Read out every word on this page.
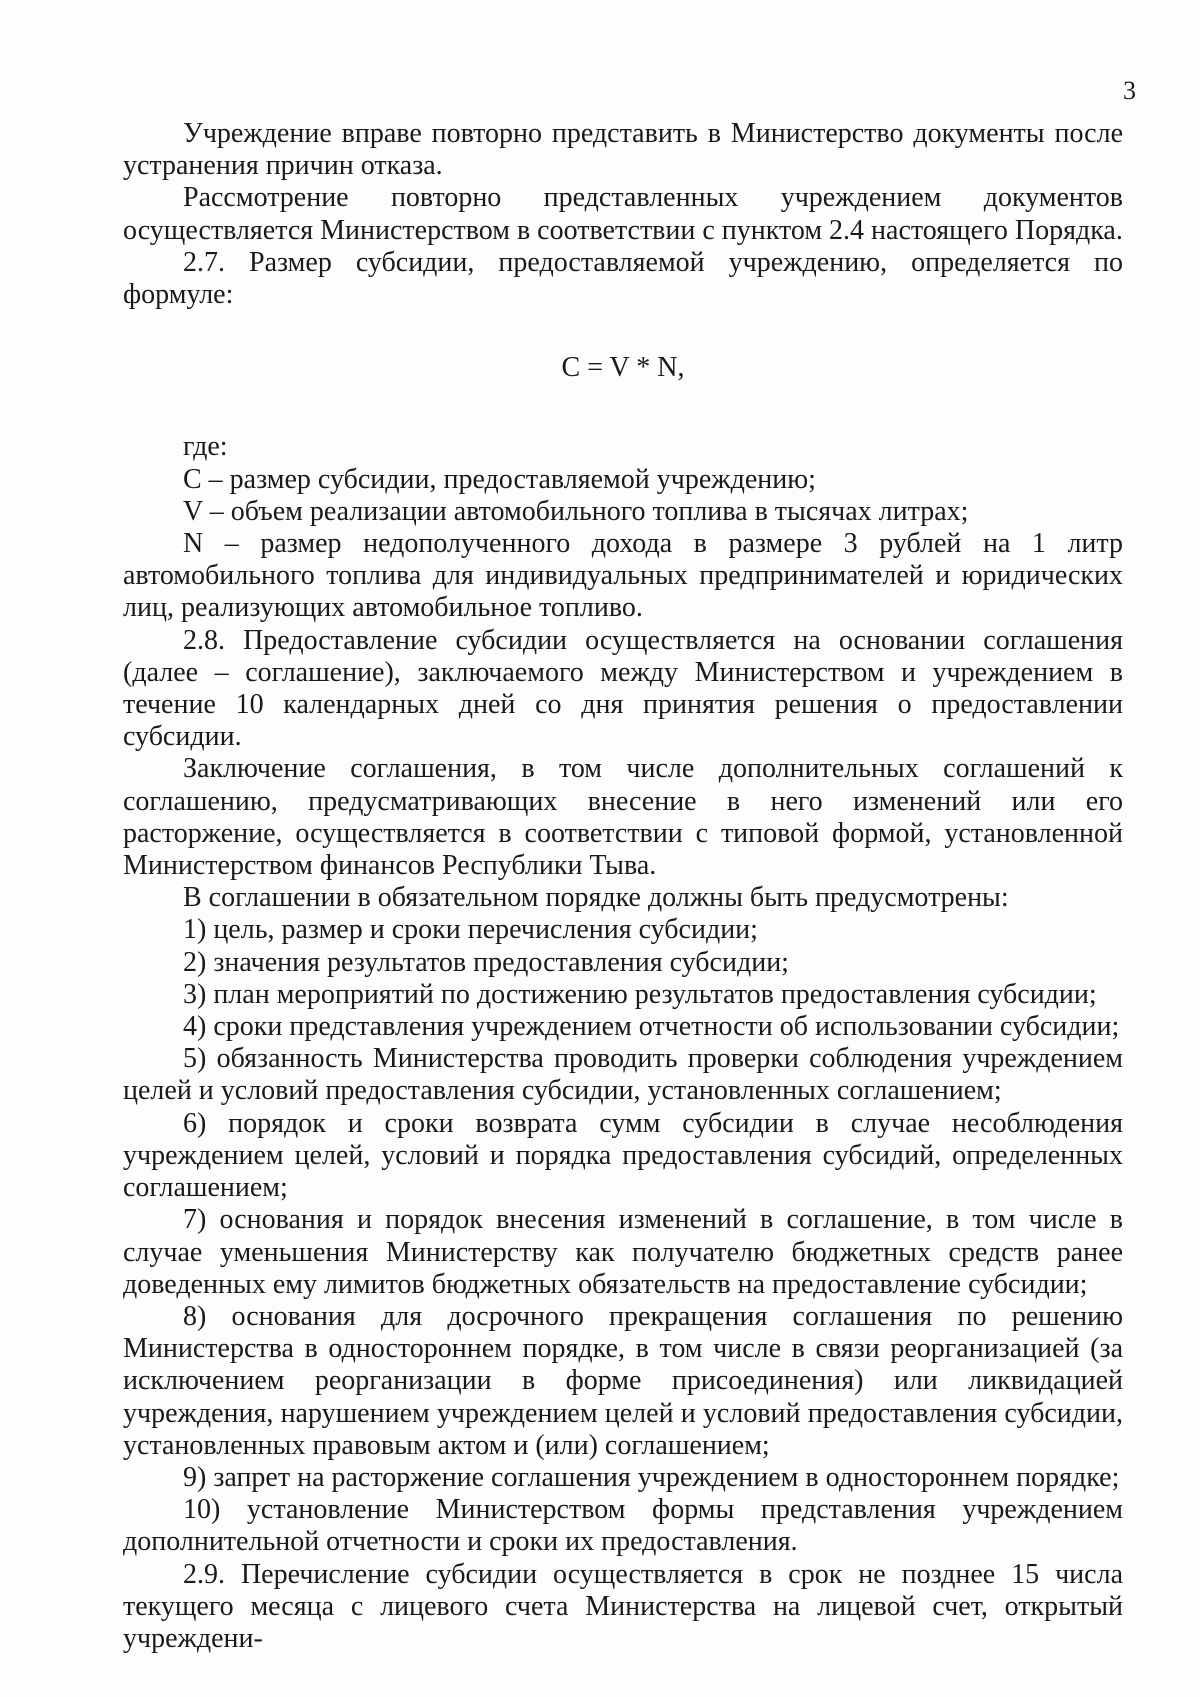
3

Учреждение вправе повторно представить в Министерство документы после устранения причин отказа.

Рассмотрение повторно представленных учреждением документов осуществляется Министерством в соответствии с пунктом 2.4 настоящего Порядка.

2.7. Размер субсидии, предоставляемой учреждению, определяется по формуле:

C = V * N,

где:

C – размер субсидии, предоставляемой учреждению;

V – объем реализации автомобильного топлива в тысячах литрах;

N – размер недополученного дохода в размере 3 рублей на 1 литр автомобильного топлива для индивидуальных предпринимателей и юридических лиц, реализующих автомобильное топливо.

2.8. Предоставление субсидии осуществляется на основании соглашения (далее – соглашение), заключаемого между Министерством и учреждением в течение 10 календарных дней со дня принятия решения о предоставлении субсидии.

Заключение соглашения, в том числе дополнительных соглашений к соглашению, предусматривающих внесение в него изменений или его расторжение, осуществляется в соответствии с типовой формой, установленной Министерством финансов Республики Тыва.

В соглашении в обязательном порядке должны быть предусмотрены:

1) цель, размер и сроки перечисления субсидии;

2) значения результатов предоставления субсидии;

3) план мероприятий по достижению результатов предоставления субсидии;

4) сроки представления учреждением отчетности об использовании субсидии;

5) обязанность Министерства проводить проверки соблюдения учреждением целей и условий предоставления субсидии, установленных соглашением;

6) порядок и сроки возврата сумм субсидии в случае несоблюдения учреждением целей, условий и порядка предоставления субсидий, определенных соглашением;

7) основания и порядок внесения изменений в соглашение, в том числе в случае уменьшения Министерству как получателю бюджетных средств ранее доведенных ему лимитов бюджетных обязательств на предоставление субсидии;

8) основания для досрочного прекращения соглашения по решению Министерства в одностороннем порядке, в том числе в связи реорганизацией (за исключением реорганизации в форме присоединения) или ликвидацией учреждения, нарушением учреждением целей и условий предоставления субсидии, установленных правовым актом и (или) соглашением;

9) запрет на расторжение соглашения учреждением в одностороннем порядке;

10) установление Министерством формы представления учреждением дополнительной отчетности и сроки их предоставления.

2.9. Перечисление субсидии осуществляется в срок не позднее 15 числа текущего месяца с лицевого счета Министерства на лицевой счет, открытый учреждени-
